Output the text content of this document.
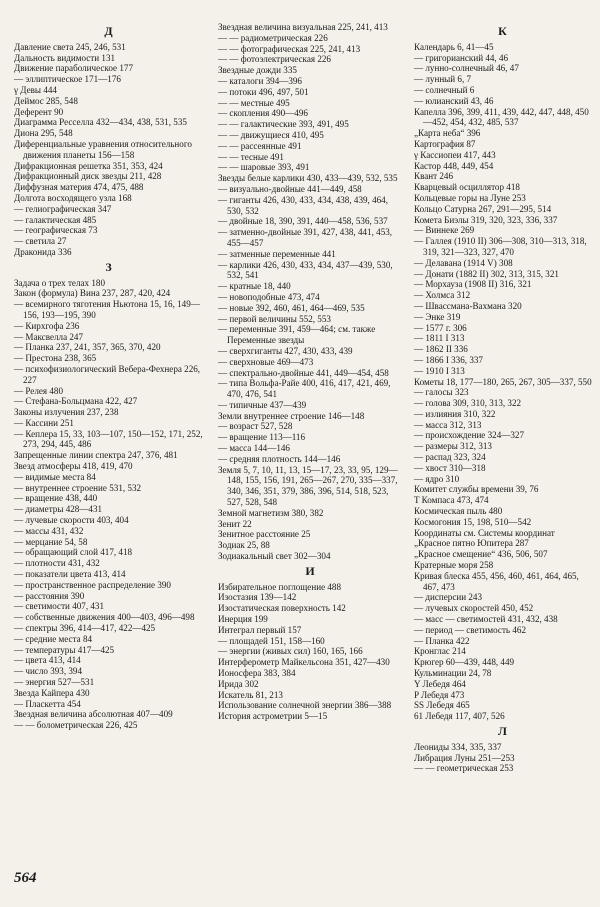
Д
Давление света 245, 246, 531
Дальность видимости 131
Движение параболическое 177
— эллиптическое 171—176
γ Девы 444
Деймос 285, 548
Деферент 90
Диаграмма Ресселла 432—434, 438, 531, 535
Диона 295, 548
Диференциальные уравнения относительного движения планеты 156—158
Дифракционная решетка 351, 353, 424
Дифракционный диск звезды 211, 428
Диффузная материя 474, 475, 488
Долгота восходящего узла 168
— гелиографическая 347
— галактическая 485
— географическая 73
— светила 27
Драконида 336
З
Задача о трех телах 180
Закон (формула) Вина 237, 287, 420, 424
— всемирного тяготения Ньютона 15, 16, 149—156, 193—195, 390
— Кирхгофа 236
— Максвелла 247
— Планка 237, 241, 357, 365, 370, 420
— Престона 238, 365
— психофизиологический Вебера-Фехнера 226, 227
— Релея 480
— Стефана-Больцмана 422, 427
Законы излучения 237, 238
— Кассини 251
— Кеплера 15, 33, 103—107, 150—152, 171, 252, 273, 294, 445, 486
Запрещенные линии спектра 247, 376, 481
Звезд атмосферы 418, 419, 470
— видимые места 84
— внутреннее строение 531, 532
— вращение 438, 440
— диаметры 428—431
— лучевые скорости 403, 404
— массы 431, 432
— мерцание 54, 58
— обращающий слой 417, 418
— плотности 431, 432
— показатели цвета 413, 414
— пространственное распределение 390
— расстояния 390
— светимости 407, 431
— собственные движения 400—403, 496—498
— спектры 396, 414—417, 422—425
— средние места 84
— температуры 417—425
— цвета 413, 414
— число 393, 394
— энергия 527—531
Звезда Кайпера 430
— Пласкетта 454
Звездная величина абсолютная 407—409
— — болометрическая 226, 425
Звездная величина визуальная 225, 241, 413
— — радиометрическая 226
— — фотографическая 225, 241, 413
— — фотоэлектрическая 226
Звездные дожди 335
— каталоги 394—396
— потоки 496, 497, 501
— — местные 495
— скопления 490—496
— — галактические 393, 491, 495
— — движущиеся 410, 495
— — рассеянные 491
— — тесные 491
— — шаровые 393, 491
Звезды белые карлики 430, 433—439, 532, 535
— визуально-двойные 441—449, 458
— гиганты 426, 430, 433, 434, 438, 439, 464, 530, 532
— двойные 18, 390, 391, 440—458, 536, 537
— затменно-двойные 391, 427, 438, 441, 453, 455—457
— затменные переменные 441
— карлики 426, 430, 433, 434, 437—439, 530, 532, 541
— кратные 18, 440
— новоподобные 473, 474
— новые 392, 460, 461, 464—469, 535
— первой величины 552, 553
— переменные 391, 459—464; см. также Переменные звезды
— сверхгиганты 427, 430, 433, 439
— сверхновые 469—473
— спектрально-двойные 441, 449—454, 458
— типа Вольфа-Райе 400, 416, 417, 421, 469, 470, 476, 541
— типичные 437—439
Земли внутреннее строение 146—148
— возраст 527, 528
— вращение 113—116
— масса 144—146
— средняя плотность 144—146
Земля 5, 7, 10, 11, 13, 15—17, 23, 33, 95, 129—148, 155, 156, 191, 265—267, 270, 335—337, 340, 346, 351, 379, 386, 396, 514, 518, 523, 527, 528, 548
Земной магнетизм 380, 382
Зенит 22
Зенитное расстояние 25
Зодиак 25, 88
Зодиакальный свет 302—304
И
Избирательное поглощение 488
Изостазия 139—142
Изостатическая поверхность 142
Инерция 199
Интеграл первый 157
— площадей 151, 158—160
— энергии (живых сил) 160, 165, 166
Интерферометр Майкельсона 351, 427—430
Ионосфера 383, 384
Ирида 302
Искатель 81, 213
Использование солнечной энергии 386—388
История астрометрии 5—15
К
Календарь 6, 41—45
— григорианский 44, 46
— лунно-солнечный 46, 47
— лунный 6, 7
— солнечный 6
— юлианский 43, 46
Капелла 396, 399, 411, 439, 442, 447, 448, 450—452, 454, 432, 485, 537
„Карта неба“ 396
Картография 87
γ Кассиопеи 417, 443
Кастор 448, 449, 454
Квант 246
Кварцевый осциллятор 418
Кольцевые горы на Луне 253
Кольцо Сатурна 267, 291—295, 514
Комета Биэлы 319, 320, 323, 336, 337
— Виннеке 269
— Галлея (1910 II) 306—308, 310—313, 318, 319, 321—323, 327, 470
— Делавана (1914 V) 308
— Донати (1882 II) 302, 313, 315, 321
— Морхауза (1908 II) 316, 321
— Холмса 312
— Швассмана-Вахмана 320
— Энке 319
— 1577 г. 306
— 1811 I 313
— 1862 II 336
— 1866 I 336, 337
— 1910 I 313
Кометы 18, 177—180, 265, 267, 305—337, 550
— галосы 323
— голова 309, 310, 313, 322
— излияния 310, 322
— масса 312, 313
— происхождение 324—327
— размеры 312, 313
— распад 323, 324
— хвост 310—318
— ядро 310
Комитет службы времени 39, 76
T Компаса 473, 474
Космическая пыль 480
Космогония 15, 198, 510—542
Координаты см. Системы координат
„Красное пятно Юпитера 287
„Красное смещение“ 436, 506, 507
Кратерные моря 258
Кривая блеска 455, 456, 460, 461, 464, 465, 467, 473
— дисперсии 243
— лучевых скоростей 450, 452
— масс — светимостей 431, 432, 438
— период — светимость 462
— Планка 422
Кронглас 214
Крюгер 60—439, 448, 449
Кульминации 24, 78
Y Лебедя 464
P Лебедя 473
SS Лебедя 465
61 Лебедя 117, 407, 526
Л
Леониды 334, 335, 337
Либрация Луны 251—253
— — геометрическая 253
564
